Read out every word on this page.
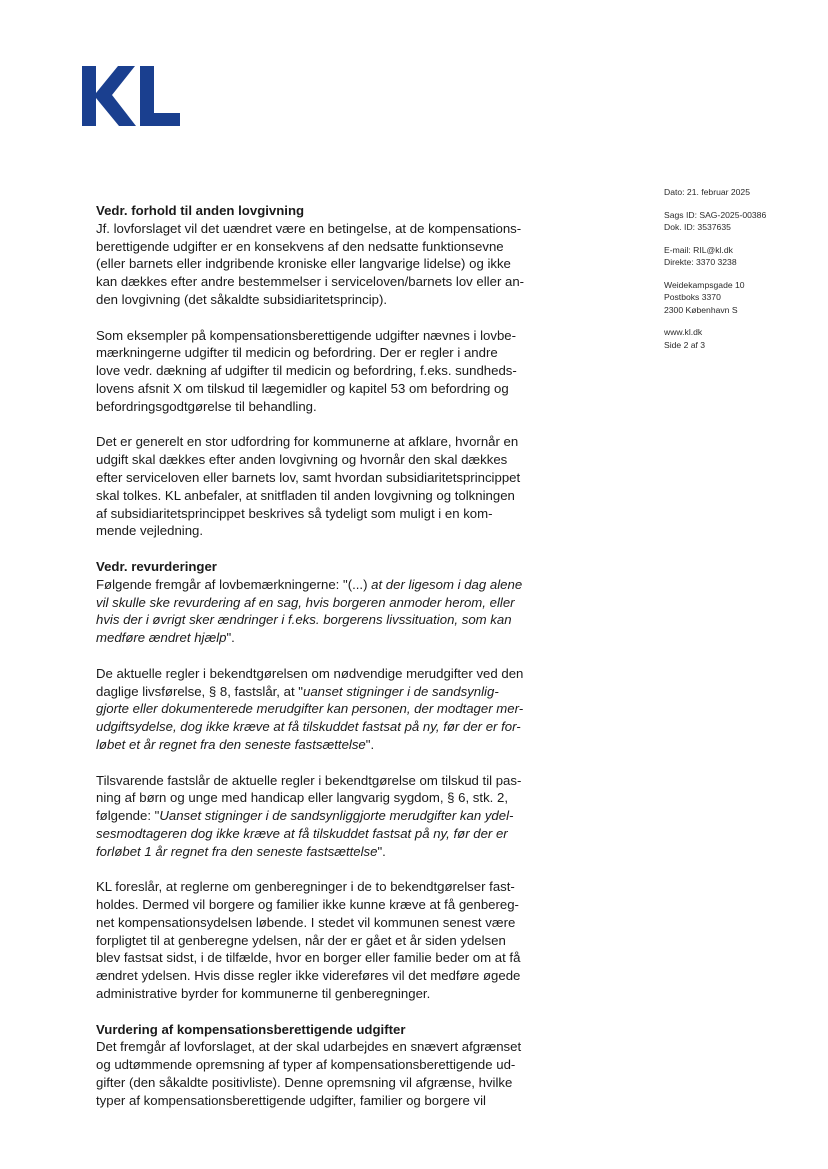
Dato: 21. februar 2025
Sags ID: SAG-2025-00386
Dok. ID: 3537635
E-mail: RIL@kl.dk
Direkte: 3370 3238
Weidekampsgade 10
Postboks 3370
2300 København S
www.kl.dk
Side 2 af 3
Vedr. forhold til anden lovgivning
Jf. lovforslaget vil det uændret være en betingelse, at de kompensations-
berettigende udgifter er en konsekvens af den nedsatte funktionsevne
(eller barnets eller indgribende kroniske eller langvarige lidelse) og ikke
kan dækkes efter andre bestemmelser i serviceloven/barnets lov eller an-
den lovgivning (det såkaldte subsidiaritetsprincip).

Som eksempler på kompensationsberettigende udgifter nævnes i lovbe-
mærkningerne udgifter til medicin og befordring. Der er regler i andre
love vedr. dækning af udgifter til medicin og befordring, f.eks. sundheds-
lovens afsnit X om tilskud til lægemidler og kapitel 53 om befordring og
befordringsgodtgørelse til behandling.

Det er generelt en stor udfordring for kommunerne at afklare, hvornår en
udgift skal dækkes efter anden lovgivning og hvornår den skal dækkes
efter serviceloven eller barnets lov, samt hvordan subsidiaritetsprincippet
skal tolkes. KL anbefaler, at snitfladen til anden lovgivning og tolkningen
af subsidiaritetsprincippet beskrives så tydeligt som muligt i en kom-
mende vejledning.

Vedr. revurderinger
Følgende fremgår af lovbemærkningerne: "(...) at der ligesom i dag alene
vil skulle ske revurdering af en sag, hvis borgeren anmoder herom, eller
hvis der i øvrigt sker ændringer i f.eks. borgerens livssituation, som kan
medføre ændret hjælp".

De aktuelle regler i bekendtgørelsen om nødvendige merudgifter ved den
daglige livsførelse, § 8, fastslår, at "uanset stigninger i de sandsynlig-
gjorte eller dokumenterede merudgifter kan personen, der modtager mer-
udgiftsydelse, dog ikke kræve at få tilskuddet fastsat på ny, før der er for-
løbet et år regnet fra den seneste fastsættelse".

Tilsvarende fastslår de aktuelle regler i bekendtgørelse om tilskud til pas-
ning af børn og unge med handicap eller langvarig sygdom, § 6, stk. 2,
følgende: "Uanset stigninger i de sandsynliggjorte merudgifter kan ydel-
sesmodtageren dog ikke kræve at få tilskuddet fastsat på ny, før der er
forløbet 1 år regnet fra den seneste fastsættelse".

KL foreslår, at reglerne om genberegninger i de to bekendtgørelser fast-
holdes. Dermed vil borgere og familier ikke kunne kræve at få genbereg-
net kompensationsydelsen løbende. I stedet vil kommunen senest være
forpligtet til at genberegne ydelsen, når der er gået et år siden ydelsen
blev fastsat sidst, i de tilfælde, hvor en borger eller familie beder om at få
ændret ydelsen. Hvis disse regler ikke videreføres vil det medføre øgede
administrative byrder for kommunerne til genberegninger.

Vurdering af kompensationsberettigende udgifter
Det fremgår af lovforslaget, at der skal udarbejdes en snævert afgrænset
og udtømmende opremsning af typer af kompensationsberettigende ud-
gifter (den såkaldte positivliste). Denne opremsning vil afgrænse, hvilke
typer af kompensationsberettigende udgifter, familier og borgere vil
